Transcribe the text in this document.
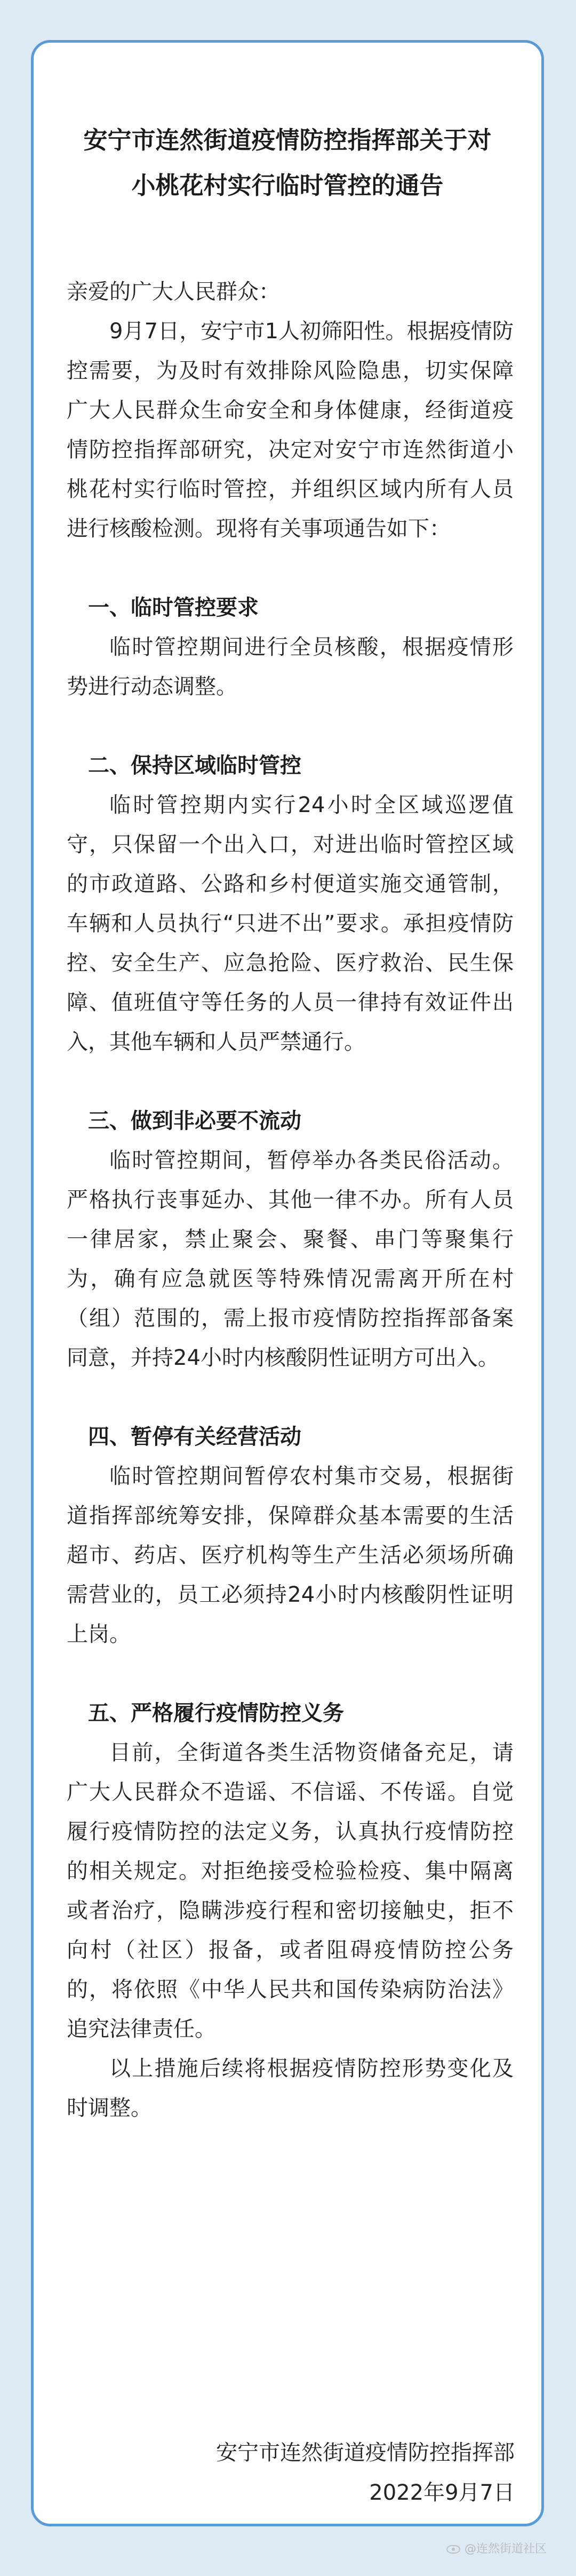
安宁市连然街道疫情防控指挥部关于对
小桃花村实行临时管控的通告

亲爱的广大人民群众：

9月7日，安宁市1人初筛阳性。根据疫情防控需要，为及时有效排除风险隐患，切实保障广大人民群众生命安全和身体健康，经街道疫情防控指挥部研究，决定对安宁市连然街道小桃花村实行临时管控，并组织区域内所有人员进行核酸检测。现将有关事项通告如下：

一、临时管控要求

临时管控期间进行全员核酸，根据疫情形势进行动态调整。

二、保持区域临时管控

临时管控期内实行24小时全区域巡逻值守，只保留一个出入口，对进出临时管控区域的市政道路、公路和乡村便道实施交通管制，车辆和人员执行“只进不出”要求。承担疫情防控、安全生产、应急抢险、医疗救治、民生保障、值班值守等任务的人员一律持有效证件出入，其他车辆和人员严禁通行。

三、做到非必要不流动

临时管控期间，暂停举办各类民俗活动。严格执行丧事延办、其他一律不办。所有人员一律居家，禁止聚会、聚餐、串门等聚集行为，确有应急就医等特殊情况需离开所在村（组）范围的，需上报市疫情防控指挥部备案同意，并持24小时内核酸阴性证明方可出入。

四、暂停有关经营活动

临时管控期间暂停农村集市交易，根据街道指挥部统筹安排，保障群众基本需要的生活超市、药店、医疗机构等生产生活必须场所确需营业的，员工必须持24小时内核酸阴性证明上岗。

五、严格履行疫情防控义务

目前，全街道各类生活物资储备充足，请广大人民群众不造谣、不信谣、不传谣。自觉履行疫情防控的法定义务，认真执行疫情防控的相关规定。对拒绝接受检验检疫、集中隔离或者治疗，隐瞒涉疫行程和密切接触史，拒不向村（社区）报备，或者阻碍疫情防控公务的，将依照《中华人民共和国传染病防治法》追究法律责任。

以上措施后续将根据疫情防控形势变化及时调整。

安宁市连然街道疫情防控指挥部
2022年9月7日
@连然街道社区
